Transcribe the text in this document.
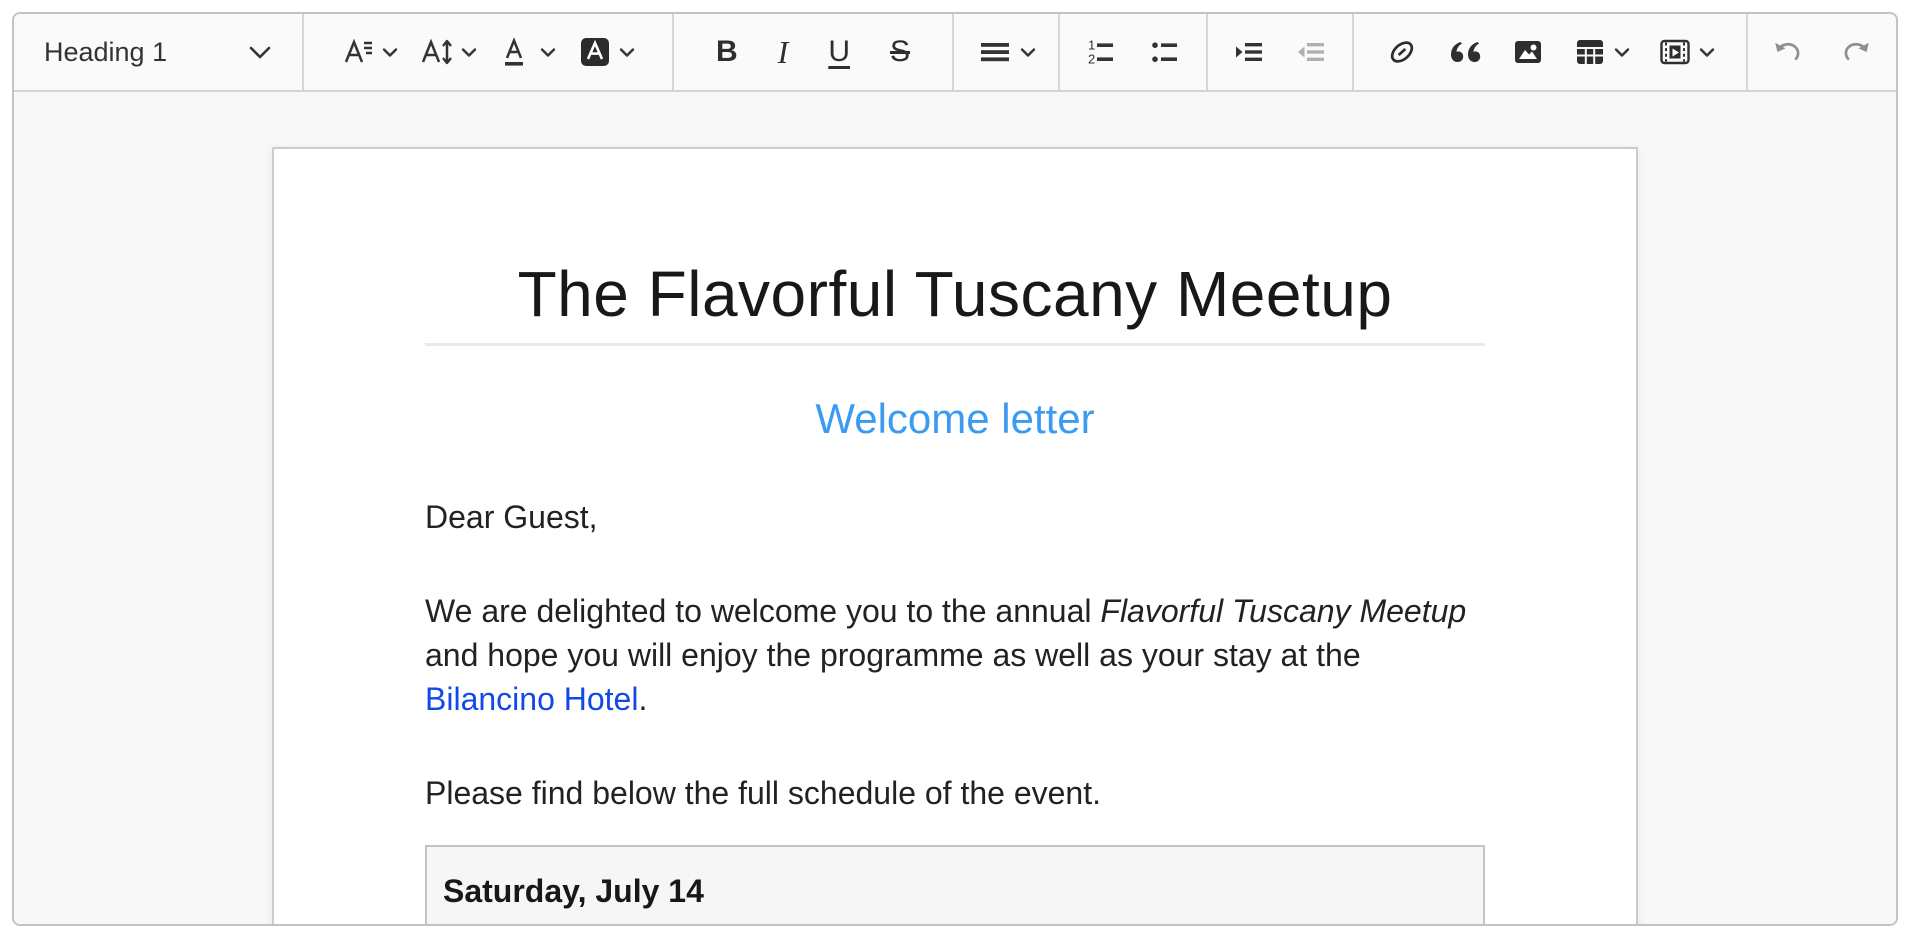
Heading 1	B I U S	1
2
The Flavorful Tuscany Meetup
Welcome letter

Dear Guest,

We are delighted to welcome you to the annual Flavorful Tuscany Meetup
and hope you will enjoy the programme as well as your stay at the
Bilancino Hotel.

Please find below the full schedule of the event.

Saturday, July 14
